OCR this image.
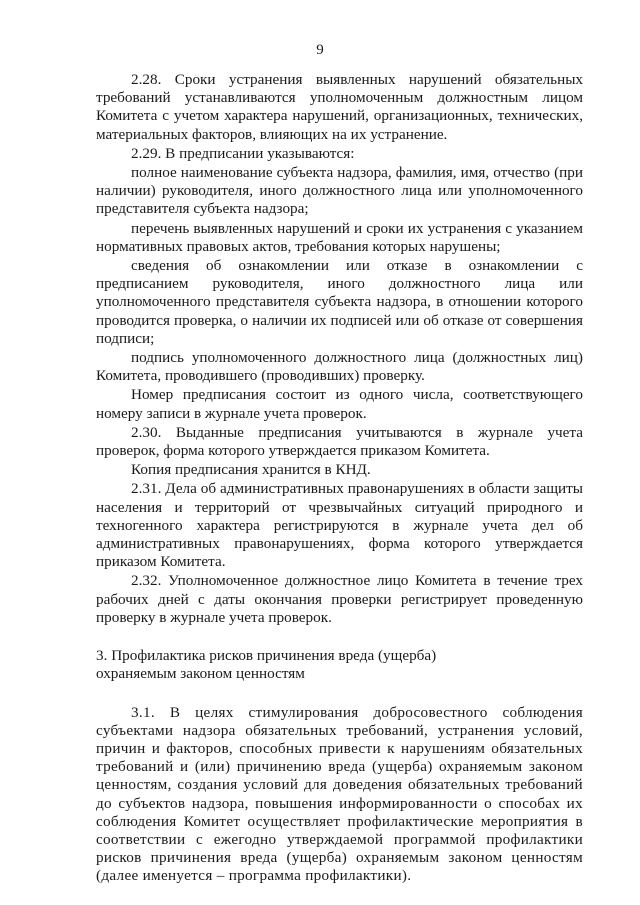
9

2.28. Сроки устранения выявленных нарушений обязательных требований устанавливаются уполномоченным должностным лицом Комитета с учетом характера нарушений, организационных, технических, материальных факторов, влияющих на их устранение.

2.29. В предписании указываются:

полное наименование субъекта надзора, фамилия, имя, отчество (при наличии) руководителя, иного должностного лица или уполномоченного представителя субъекта надзора;

перечень выявленных нарушений и сроки их устранения с указанием нормативных правовых актов, требования которых нарушены;

сведения об ознакомлении или отказе в ознакомлении с предписанием руководителя, иного должностного лица или уполномоченного представителя субъекта надзора, в отношении которого проводится проверка, о наличии их подписей или об отказе от совершения подписи;

подпись уполномоченного должностного лица (должностных лиц) Комитета, проводившего (проводивших) проверку.

Номер предписания состоит из одного числа, соответствующего номеру записи в журнале учета проверок.

2.30. Выданные предписания учитываются в журнале учета проверок, форма которого утверждается приказом Комитета.

Копия предписания хранится в КНД.

2.31. Дела об административных правонарушениях в области защиты населения и территорий от чрезвычайных ситуаций природного и техногенного характера регистрируются в журнале учета дел об административных правонарушениях, форма которого утверждается приказом Комитета.

2.32. Уполномоченное должностное лицо Комитета в течение трех рабочих дней с даты окончания проверки регистрирует проведенную проверку в журнале учета проверок.

3. Профилактика рисков причинения вреда (ущерба)
охраняемым законом ценностям

3.1. В целях стимулирования добросовестного соблюдения субъектами надзора обязательных требований, устранения условий, причин и факторов, способных привести к нарушениям обязательных требований и (или) причинению вреда (ущерба) охраняемым законом ценностям, создания условий для доведения обязательных требований до субъектов надзора, повышения информированности о способах их соблюдения Комитет осуществляет профилактические мероприятия в соответствии с ежегодно утверждаемой программой профилактики рисков причинения вреда (ущерба) охраняемым законом ценностям (далее именуется – программа профилактики).
